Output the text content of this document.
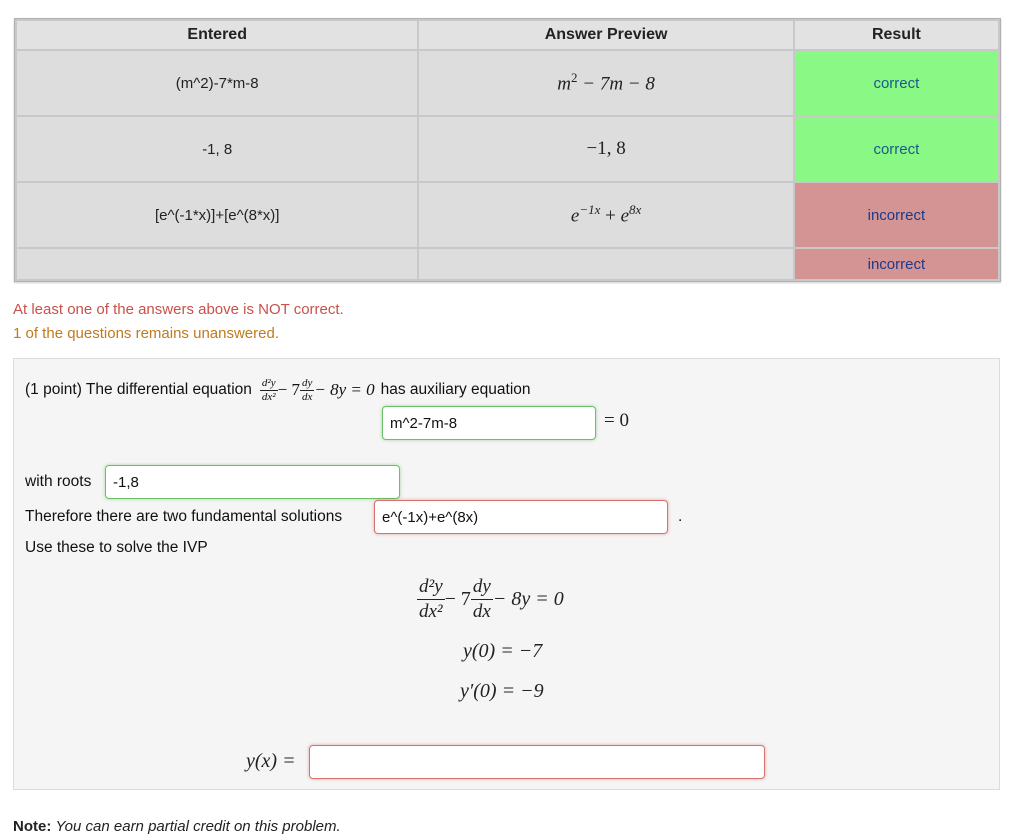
Entered	Answer Preview	Result
(m^2)-7*m-8	$m^2 - 7m - 8$	correct
-1, 8	−1, 8	correct
[e^(-1*x)]+[e^(8*x)]	$e^{-1x} + e^{8x}$	incorrect
		incorrect
At least one of the answers above is NOT correct.
1 of the questions remains unanswered.
(1 point) The differential equation $\frac{\text{d²y}}{\text{dx²}} - 7 \frac{dy}{dx} - 8y = 0$ has auxiliary equation
m^2-7m-8
= 0
with roots
-1,8
Therefore there are two fundamental solutions
e^(-1x)+e^(8x)	.
Use these to solve the IVP
$\frac{\text{d²y}}{\text{dx²}} - 7 \frac{dy}{dx} - 8y = 0$
y(0) = −7
y′(0) = −9
y(x) =
Note: You can earn partial credit on this problem.
